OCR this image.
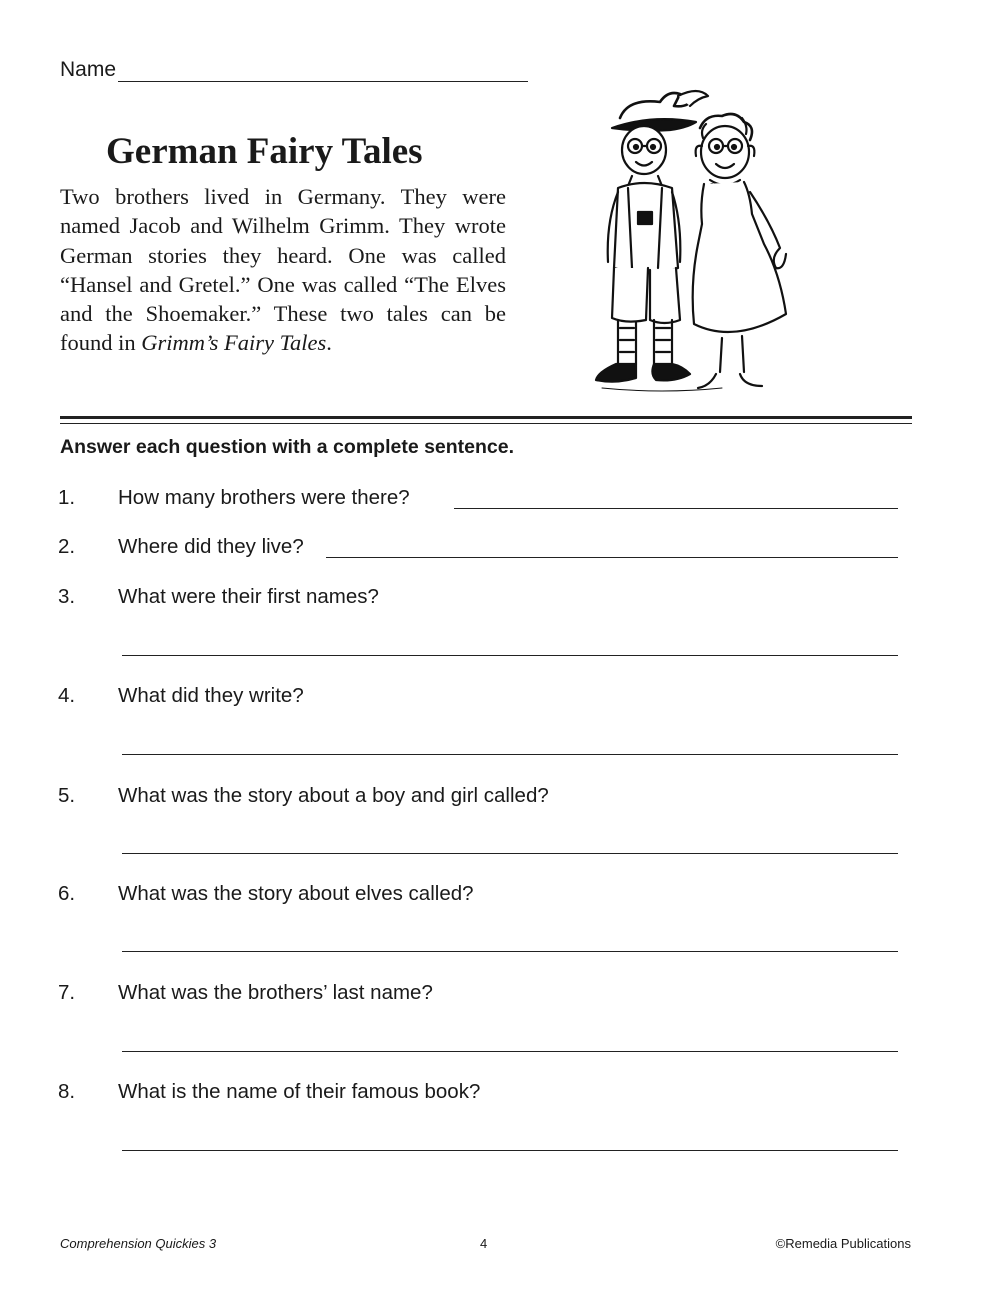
Name
German Fairy Tales

Two brothers lived in Germany. They were named Jacob and Wilhelm Grimm. They wrote German stories they heard. One was called “Hansel and Gretel.” One was called “The Elves and the Shoemaker.” These two tales can be found in Grimm’s Fairy Tales.

Answer each question with a complete sentence.

1. How many brothers were there?
2. Where did they live?
3. What were their first names?
4. What did they write?
5. What was the story about a boy and girl called?
6. What was the story about elves called?
7. What was the brothers’ last name?
8. What is the name of their famous book?
Comprehension Quickies 3	4	©Remedia Publications
